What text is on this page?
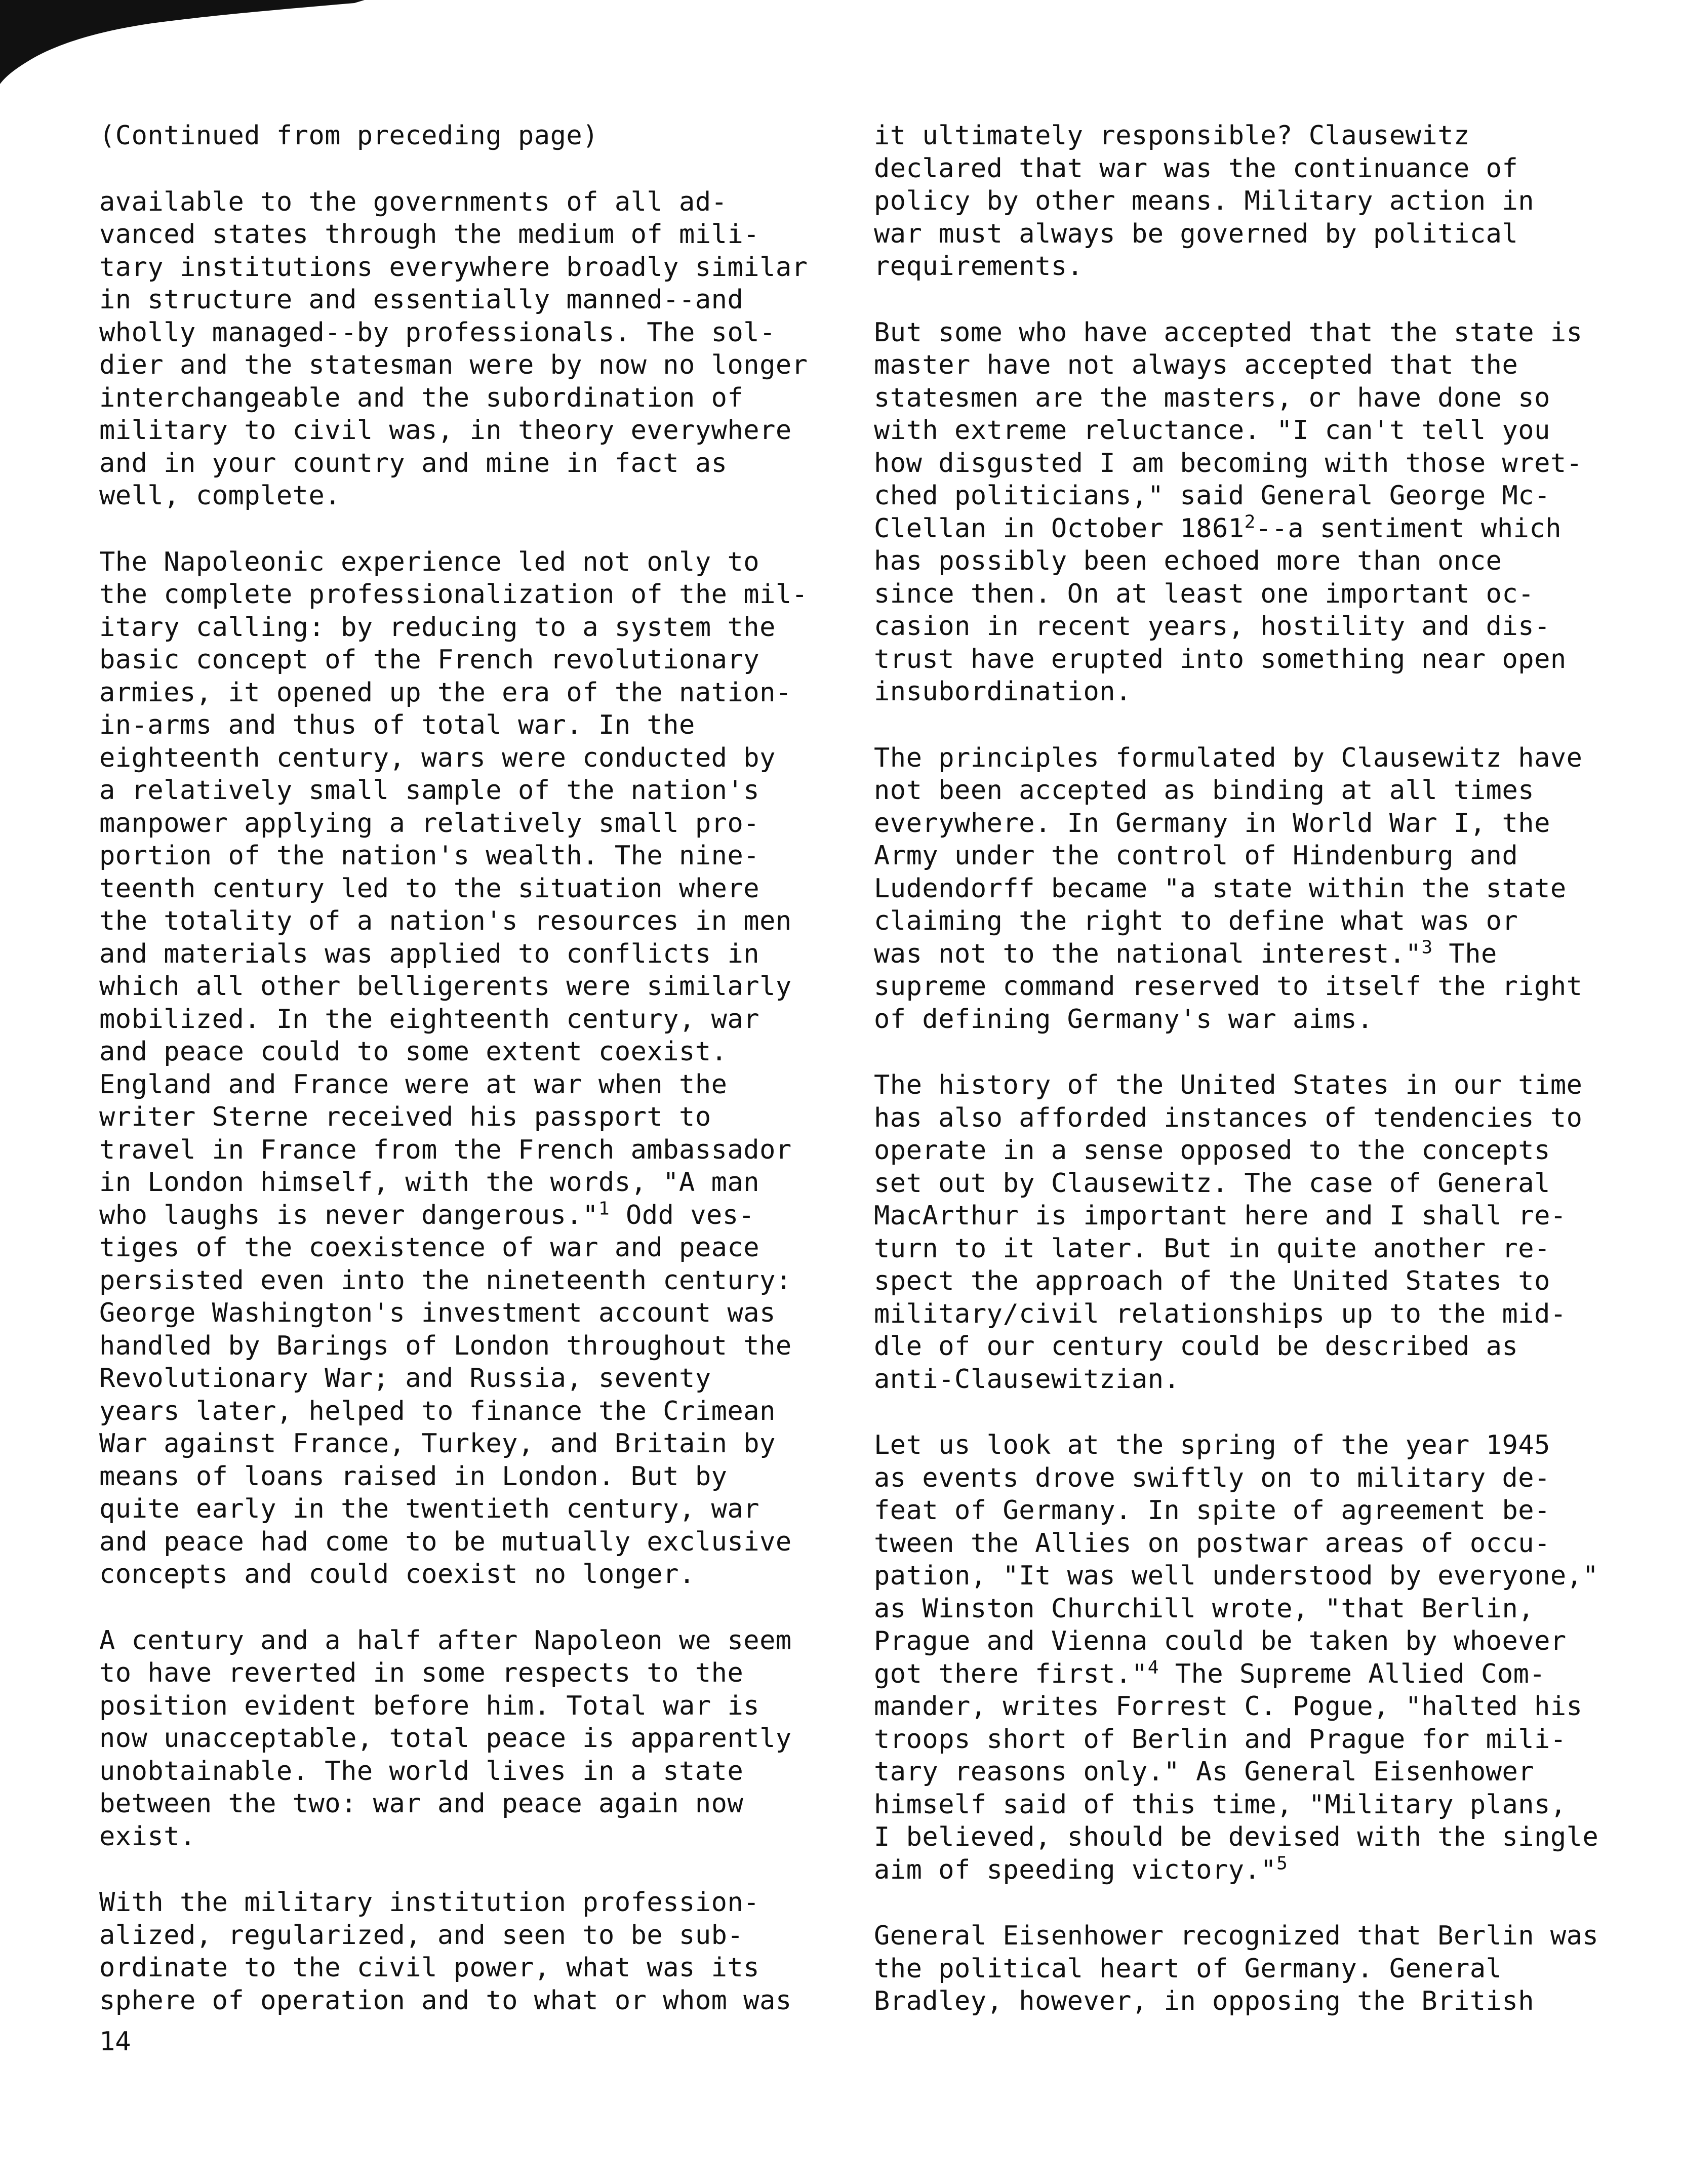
(Continued from preceding page)

available to the governments of all ad-
vanced states through the medium of mili-
tary institutions everywhere broadly similar
in structure and essentially manned--and
wholly managed--by professionals. The sol-
dier and the statesman were by now no longer
interchangeable and the subordination of
military to civil was, in theory everywhere
and in your country and mine in fact as
well, complete.

The Napoleonic experience led not only to
the complete professionalization of the mil-
itary calling: by reducing to a system the
basic concept of the French revolutionary
armies, it opened up the era of the nation-
in-arms and thus of total war. In the
eighteenth century, wars were conducted by
a relatively small sample of the nation's
manpower applying a relatively small pro-
portion of the nation's wealth. The nine-
teenth century led to the situation where
the totality of a nation's resources in men
and materials was applied to conflicts in
which all other belligerents were similarly
mobilized. In the eighteenth century, war
and peace could to some extent coexist.
England and France were at war when the
writer Sterne received his passport to
travel in France from the French ambassador
in London himself, with the words, "A man
who laughs is never dangerous."$^1$ Odd ves-
tiges of the coexistence of war and peace
persisted even into the nineteenth century:
George Washington's investment account was
handled by Barings of London throughout the
Revolutionary War; and Russia, seventy
years later, helped to finance the Crimean
War against France, Turkey, and Britain by
means of loans raised in London. But by
quite early in the twentieth century, war
and peace had come to be mutually exclusive
concepts and could coexist no longer.

A century and a half after Napoleon we seem
to have reverted in some respects to the
position evident before him. Total war is
now unacceptable, total peace is apparently
unobtainable. The world lives in a state
between the two: war and peace again now
exist.

With the military institution profession-
alized, regularized, and seen to be sub-
ordinate to the civil power, what was its
sphere of operation and to what or whom was

it ultimately responsible? Clausewitz
declared that war was the continuance of
policy by other means. Military action in
war must always be governed by political
requirements.

But some who have accepted that the state is
master have not always accepted that the
statesmen are the masters, or have done so
with extreme reluctance. "I can't tell you
how disgusted I am becoming with those wret-
ched politicians," said General George Mc-
Clellan in October 1861$^2$--a sentiment which
has possibly been echoed more than once
since then. On at least one important oc-
casion in recent years, hostility and dis-
trust have erupted into something near open
insubordination.

The principles formulated by Clausewitz have
not been accepted as binding at all times
everywhere. In Germany in World War I, the
Army under the control of Hindenburg and
Ludendorff became "a state within the state
claiming the right to define what was or
was not to the national interest."$^3$ The
supreme command reserved to itself the right
of defining Germany's war aims.

The history of the United States in our time
has also afforded instances of tendencies to
operate in a sense opposed to the concepts
set out by Clausewitz. The case of General
MacArthur is important here and I shall re-
turn to it later. But in quite another re-
spect the approach of the United States to
military/civil relationships up to the mid-
dle of our century could be described as
anti-Clausewitzian.

Let us look at the spring of the year 1945
as events drove swiftly on to military de-
feat of Germany. In spite of agreement be-
tween the Allies on postwar areas of occu-
pation, "It was well understood by everyone,"
as Winston Churchill wrote, "that Berlin,
Prague and Vienna could be taken by whoever
got there first."$^4$ The Supreme Allied Com-
mander, writes Forrest C. Pogue, "halted his
troops short of Berlin and Prague for mili-
tary reasons only." As General Eisenhower
himself said of this time, "Military plans,
I believed, should be devised with the single
aim of speeding victory."$^5$

General Eisenhower recognized that Berlin was
the political heart of Germany. General
Bradley, however, in opposing the British

14
